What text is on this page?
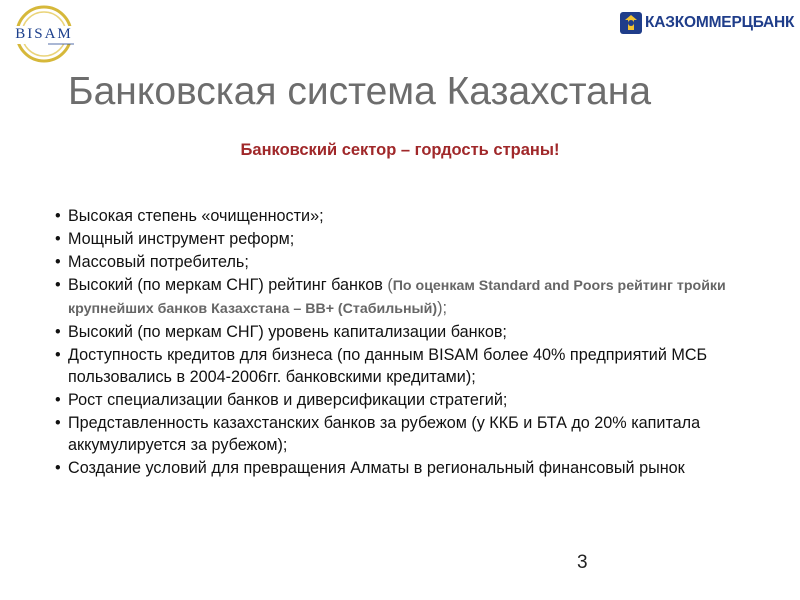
BISAM
КАЗКОММЕРЦБАНК
Банковская система Казахстана
Банковский сектор – гордость страны!
• Высокая степень «очищенности»;
• Мощный инструмент реформ;
• Массовый потребитель;
• Высокий (по меркам СНГ) рейтинг банков (По оценкам Standard and Poors рейтинг тройки крупнейших банков Казахстана – ВВ+ (Стабильный));
• Высокий (по меркам СНГ) уровень капитализации банков;
• Доступность кредитов для бизнеса (по данным BISAM более 40% предприятий МСБ пользовались в 2004-2006гг. банковскими кредитами);
• Рост специализации банков и диверсификации стратегий;
• Представленность казахстанских банков за рубежом (у ККБ и БТА до 20% капитала аккумулируется за рубежом);
• Создание условий для превращения Алматы в региональный финансовый рынок
3
